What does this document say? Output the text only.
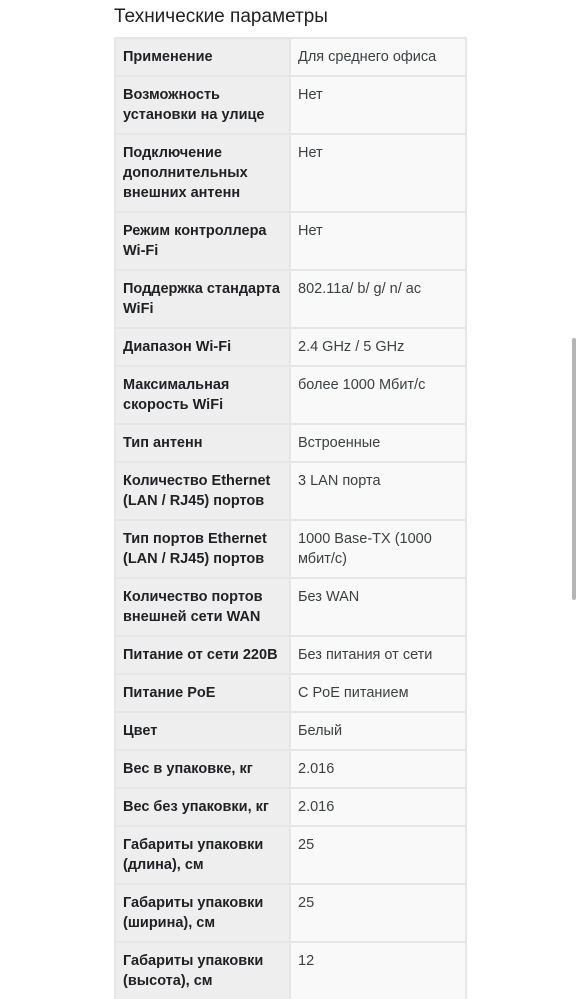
Технические параметры
Применение	Для среднего офиса
Возможность установки на улице	Нет
Подключение дополнительных внешних антенн	Нет
Режим контроллера Wi-Fi	Нет
Поддержка стандарта WiFi	802.11a/ b/ g/ n/ ac
Диапазон Wi-Fi	2.4 GHz / 5 GHz
Максимальная скорость WiFi	более 1000 Мбит/с
Тип антенн	Встроенные
Количество Ethernet (LAN / RJ45) портов	3 LAN порта
Тип портов Ethernet (LAN / RJ45) портов	1000 Base-TX (1000 мбит/с)
Количество портов внешней сети WAN	Без WAN
Питание от сети 220В	Без питания от сети
Питание PoE	С PoE питанием
Цвет	Белый
Вес в упаковке, кг	2.016
Вес без упаковки, кг	2.016
Габариты упаковки (длина), см	25
Габариты упаковки (ширина), см	25
Габариты упаковки (высота), см	12
